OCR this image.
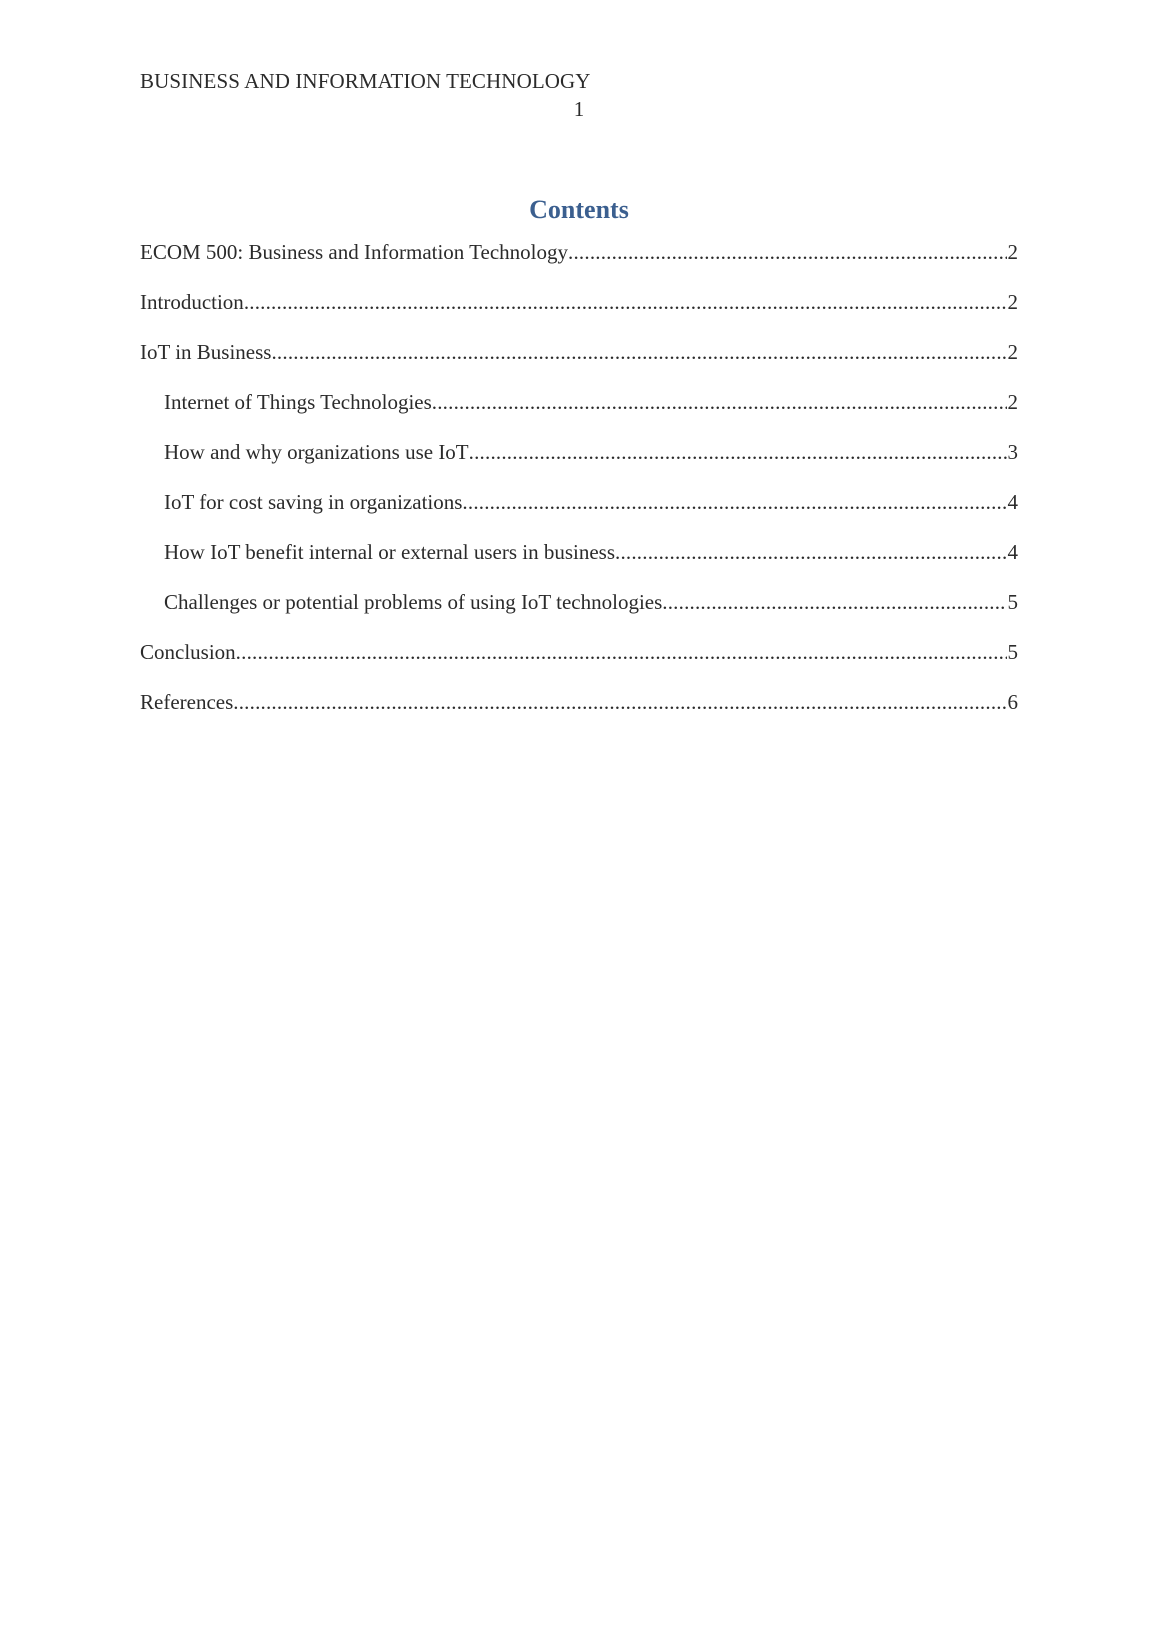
BUSINESS AND INFORMATION TECHNOLOGY
1
Contents
ECOM 500: Business and Information Technology .....	2
Introduction .....	2
IoT in Business .....	2
Internet of Things Technologies .....	2
How and why organizations use IoT .....	3
IoT for cost saving in organizations .....	4
How IoT benefit internal or external users in business .....	4
Challenges or potential problems of using IoT technologies .....	5
Conclusion .....	5
References .....	6
